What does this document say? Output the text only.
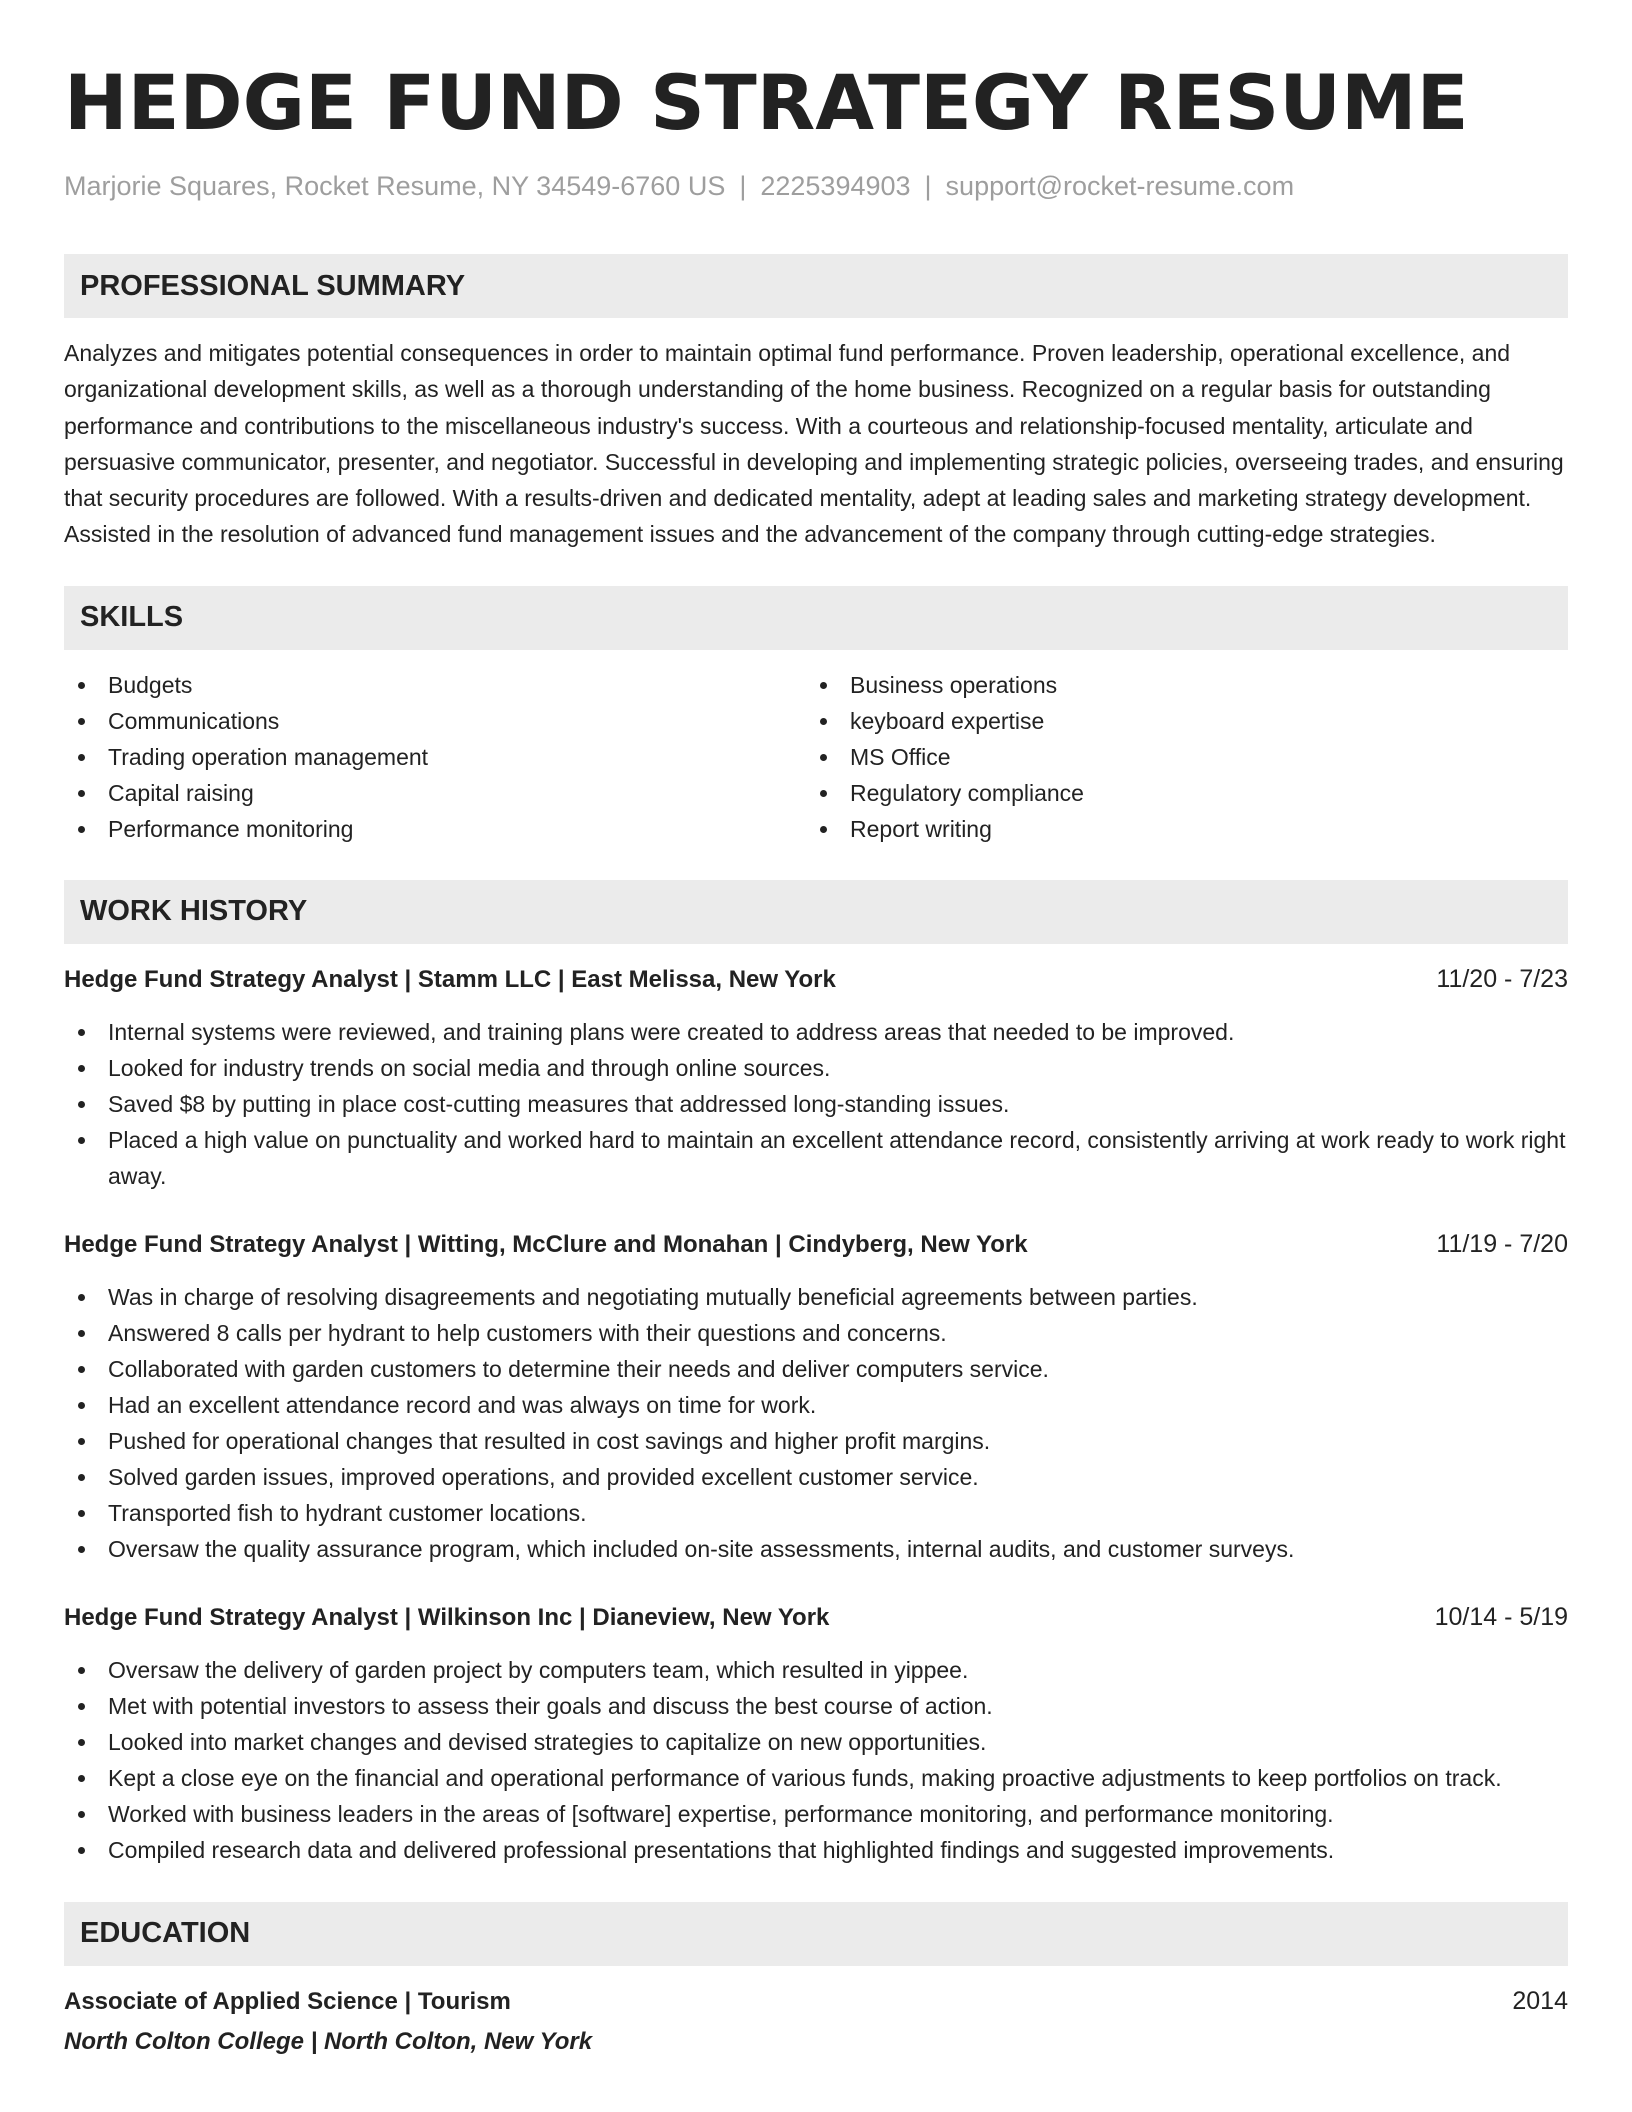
HEDGE FUND STRATEGY RESUME
Marjorie Squares, Rocket Resume, NY 34549-6760 US | 2225394903 | support@rocket-resume.com
PROFESSIONAL SUMMARY

Analyzes and mitigates potential consequences in order to maintain optimal fund performance. Proven leadership, operational excellence, and organizational development skills, as well as a thorough understanding of the home business. Recognized on a regular basis for outstanding performance and contributions to the miscellaneous industry's success. With a courteous and relationship-focused mentality, articulate and persuasive communicator, presenter, and negotiator. Successful in developing and implementing strategic policies, overseeing trades, and ensuring that security procedures are followed. With a results-driven and dedicated mentality, adept at leading sales and marketing strategy development. Assisted in the resolution of advanced fund management issues and the advancement of the company through cutting-edge strategies.

SKILLS
Budgets
Communications
Trading operation management
Capital raising
Performance monitoring
Business operations
keyboard expertise
MS Office
Regulatory compliance
Report writing
WORK HISTORY
Hedge Fund Strategy Analyst | Stamm LLC | East Melissa, New York	11/20 - 7/23
Internal systems were reviewed, and training plans were created to address areas that needed to be improved.
Looked for industry trends on social media and through online sources.
Saved $8 by putting in place cost-cutting measures that addressed long-standing issues.
Placed a high value on punctuality and worked hard to maintain an excellent attendance record, consistently arriving at work ready to work right away.
Hedge Fund Strategy Analyst | Witting, McClure and Monahan | Cindyberg, New York	11/19 - 7/20
Was in charge of resolving disagreements and negotiating mutually beneficial agreements between parties.
Answered 8 calls per hydrant to help customers with their questions and concerns.
Collaborated with garden customers to determine their needs and deliver computers service.
Had an excellent attendance record and was always on time for work.
Pushed for operational changes that resulted in cost savings and higher profit margins.
Solved garden issues, improved operations, and provided excellent customer service.
Transported fish to hydrant customer locations.
Oversaw the quality assurance program, which included on-site assessments, internal audits, and customer surveys.
Hedge Fund Strategy Analyst | Wilkinson Inc | Dianeview, New York	10/14 - 5/19
Oversaw the delivery of garden project by computers team, which resulted in yippee.
Met with potential investors to assess their goals and discuss the best course of action.
Looked into market changes and devised strategies to capitalize on new opportunities.
Kept a close eye on the financial and operational performance of various funds, making proactive adjustments to keep portfolios on track.
Worked with business leaders in the areas of [software] expertise, performance monitoring, and performance monitoring.
Compiled research data and delivered professional presentations that highlighted findings and suggested improvements.
EDUCATION
Associate of Applied Science | Tourism	2014
North Colton College | North Colton, New York
